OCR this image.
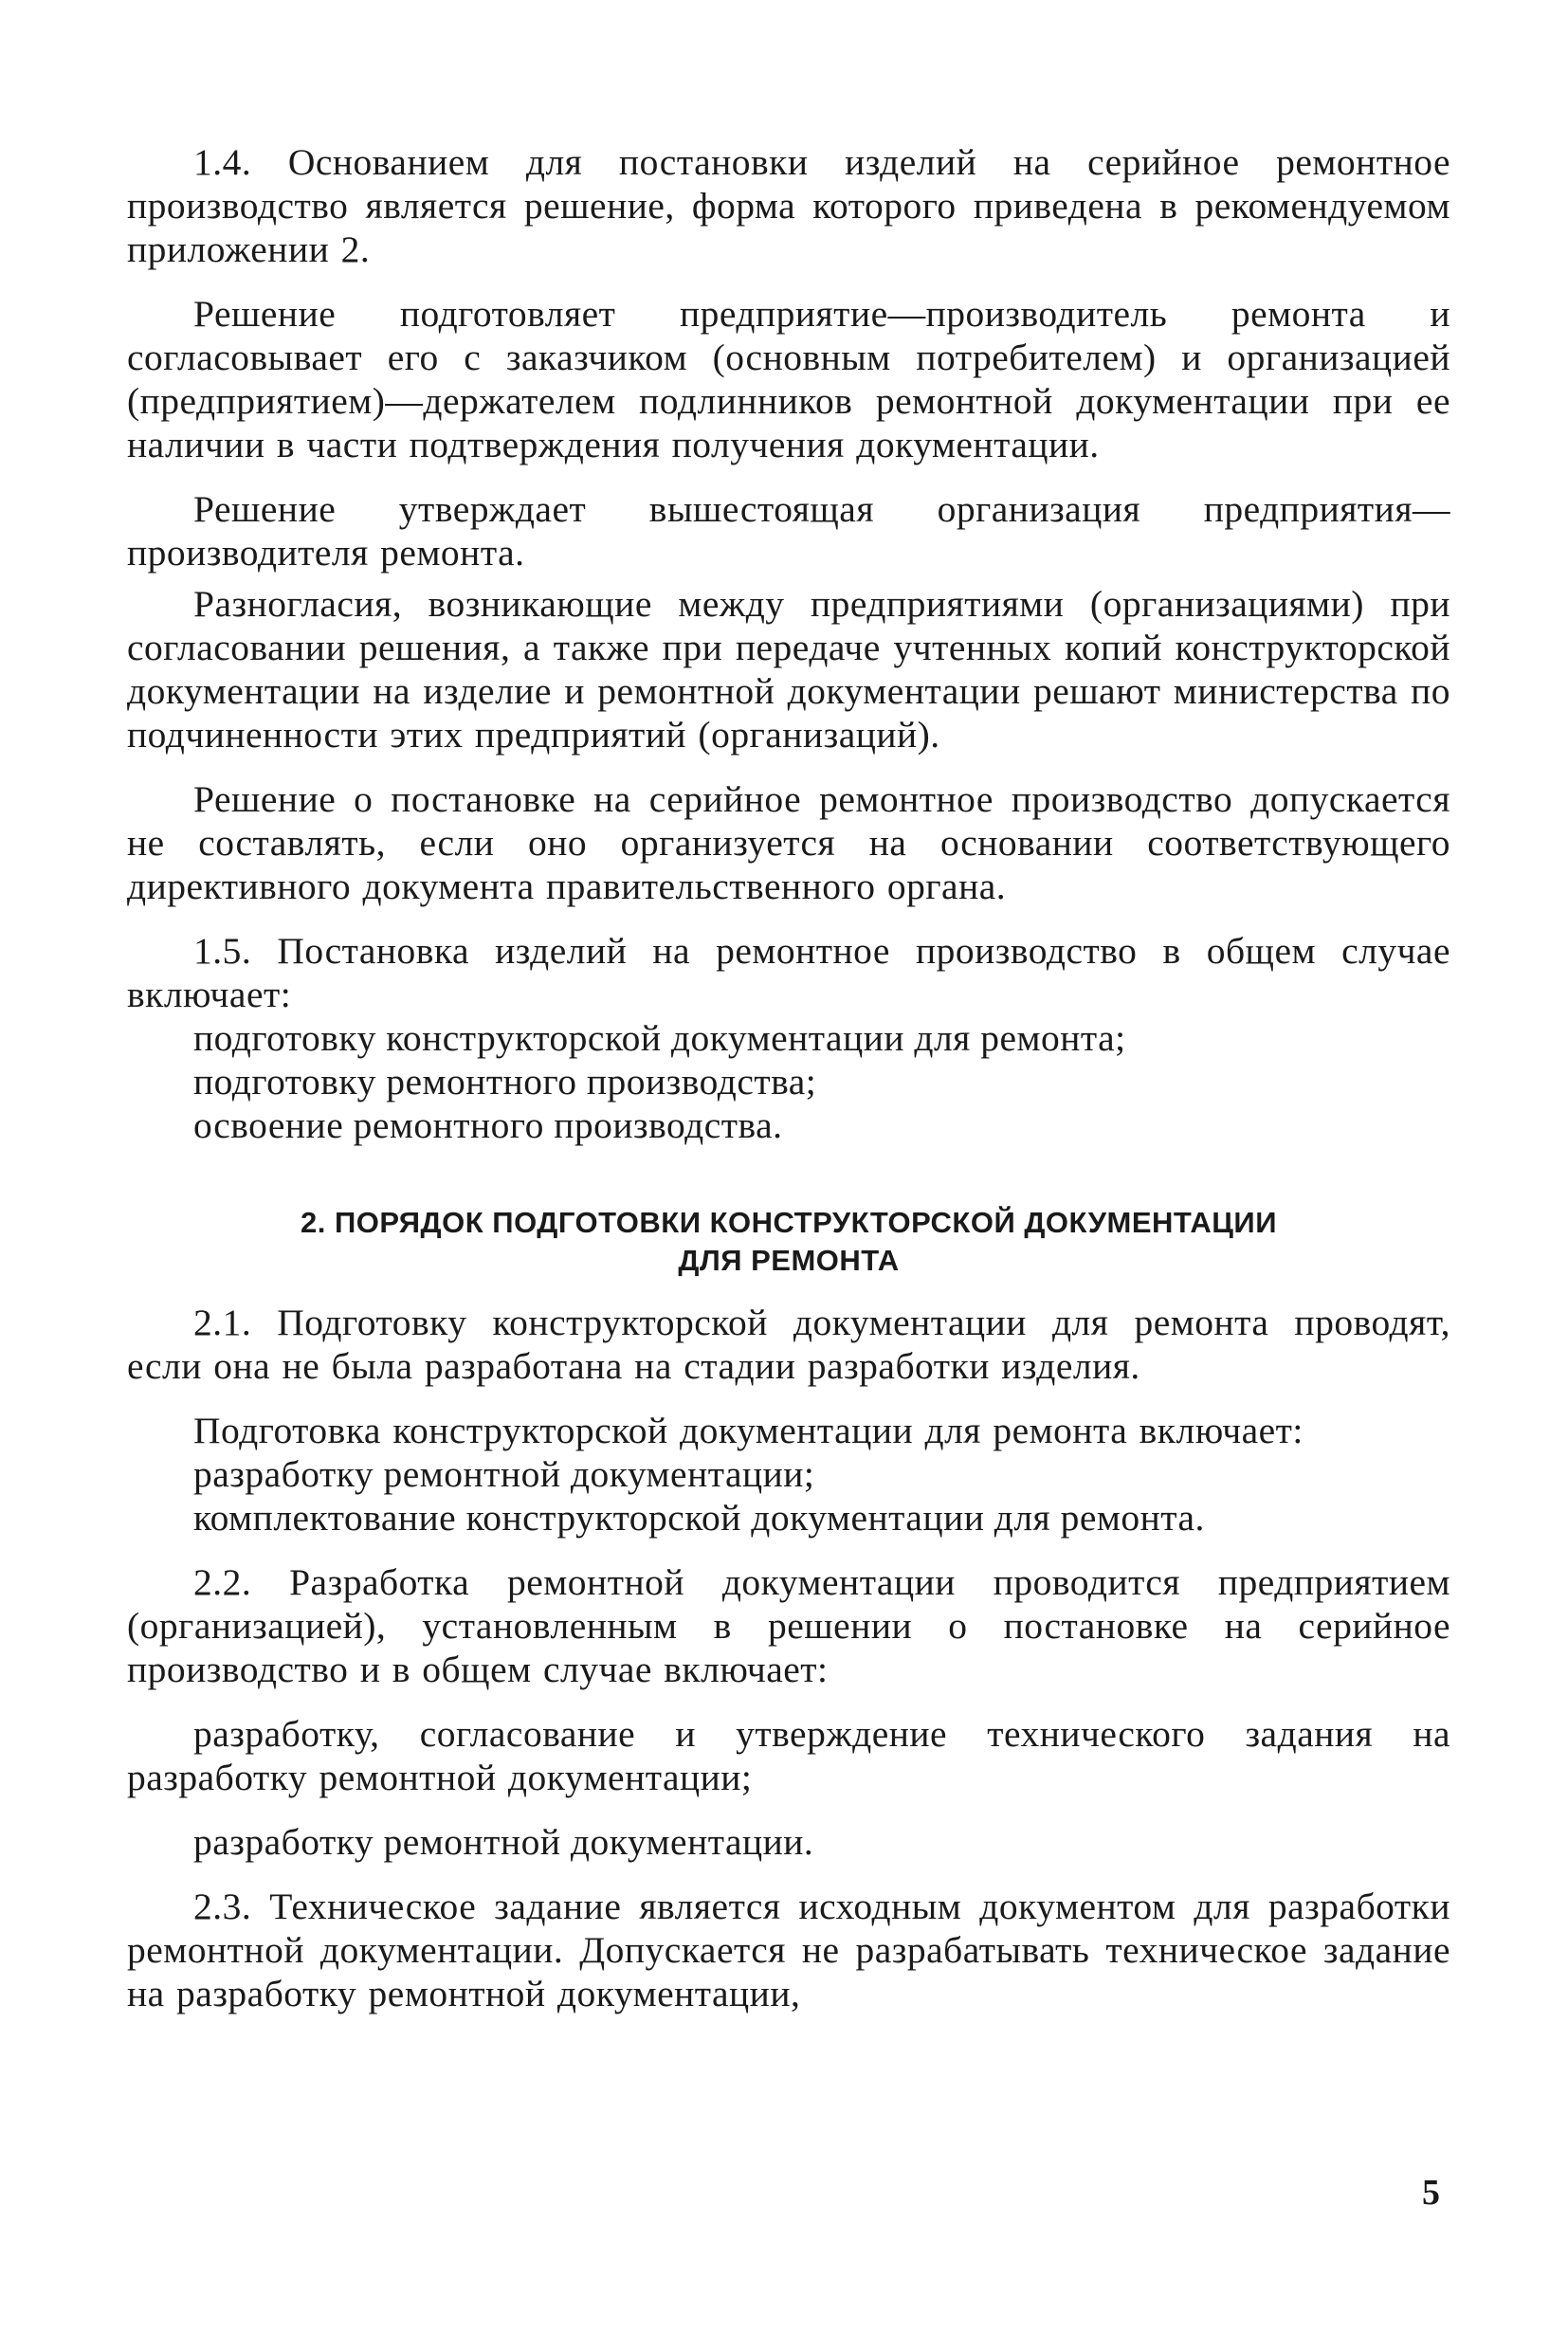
1.4. Основанием для постановки изделий на серийное ремонтное производство является решение, форма которого приведена в рекомендуемом приложении 2.

Решение подготовляет предприятие—производитель ремонта и согласовывает его с заказчиком (основным потребителем) и организацией (предприятием)—держателем подлинников ремонтной документации при ее наличии в части подтверждения получения документации.

Решение утверждает вышестоящая организация предприятия—производителя ремонта.

Разногласия, возникающие между предприятиями (организациями) при согласовании решения, а также при передаче учтенных копий конструкторской документации на изделие и ремонтной документации решают министерства по подчиненности этих предприятий (организаций).

Решение о постановке на серийное ремонтное производство допускается не составлять, если оно организуется на основании соответствующего директивного документа правительственного органа.

1.5. Постановка изделий на ремонтное производство в общем случае включает:

подготовку конструкторской документации для ремонта;

подготовку ремонтного производства;

освоение ремонтного производства.

2. ПОРЯДОК ПОДГОТОВКИ КОНСТРУКТОРСКОЙ ДОКУМЕНТАЦИИ
ДЛЯ РЕМОНТА

2.1. Подготовку конструкторской документации для ремонта проводят, если она не была разработана на стадии разработки изделия.

Подготовка конструкторской документации для ремонта включает:

разработку ремонтной документации;

комплектование конструкторской документации для ремонта.

2.2. Разработка ремонтной документации проводится предприятием (организацией), установленным в решении о постановке на серийное производство и в общем случае включает:

разработку, согласование и утверждение технического задания на разработку ремонтной документации;

разработку ремонтной документации.

2.3. Техническое задание является исходным документом для разработки ремонтной документации. Допускается не разрабатывать техническое задание на разработку ремонтной документации,

5
